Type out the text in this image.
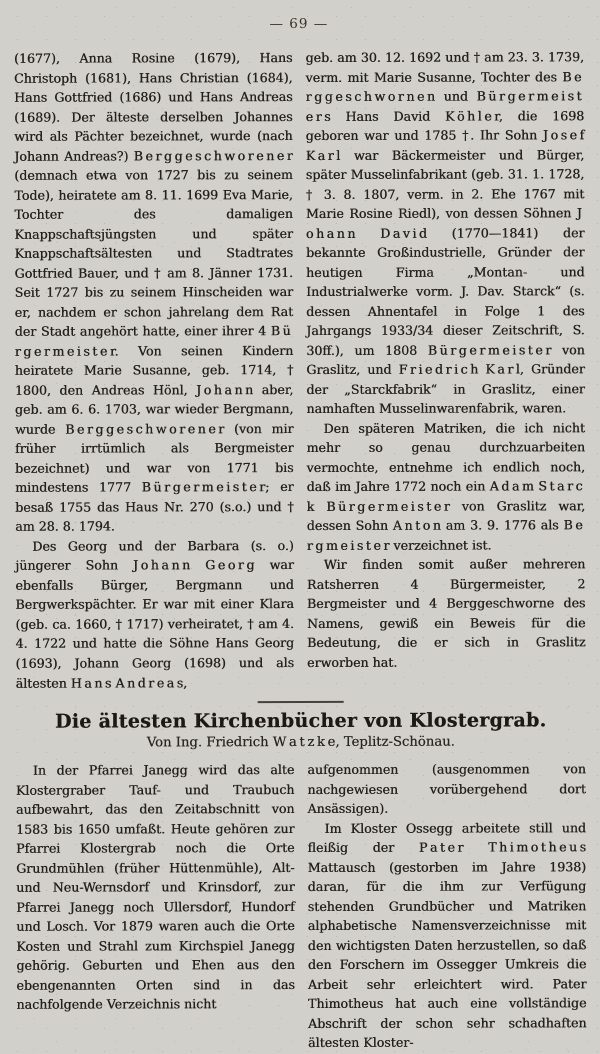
— 69 —

(1677), Anna Rosine (1679), Hans Christoph (1681), Hans Christian (1684), Hans Gottfried (1686) und Hans Andreas (1689). Der älteste derselben Johannes wird als Pächter bezeichnet, wurde (nach Johann Andreas?) B e r g g e s c h w o r e n e r (demnach etwa von 1727 bis zu seinem Tode), heiratete am 8. 11. 1699 Eva Marie, Tochter des damaligen Knappschaftsjüngsten und später Knappschaftsältesten und Stadtrates Gottfried Bauer, und † am 8. Jänner 1731. Seit 1727 bis zu seinem Hinscheiden war er, nachdem er schon jahrelang dem Rat der Stadt angehört hatte, einer ihrer 4 B ü r g e r m e i s t e r. Von seinen Kindern heiratete Marie Susanne, geb. 1714, † 1800, den Andreas Hönl, J o h a n n aber, geb. am 6. 6. 1703, war wieder Bergmann, wurde B e r g g e s c h w o r e n e r (von mir früher irrtümlich als Bergmeister bezeichnet) und war von 1771 bis mindestens 1777 B ü r g e r m e i s t e r; er besaß 1755 das Haus Nr. 270 (s.o.) und † am 28. 8. 1794.

Des Georg und der Barbara (s. o.) jüngerer Sohn J o h a n n G e o r g war ebenfalls Bürger, Bergmann und Bergwerkspächter. Er war mit einer Klara (geb. ca. 1660, † 1717) verheiratet, † am 4. 4. 1722 und hatte die Söhne Hans Georg (1693), Johann Georg (1698) und als ältesten H a n s A n d r e a s,

geb. am 30. 12. 1692 und † am 23. 3. 1739, verm. mit Marie Susanne, Tochter des B e r g g e s c h w o r n e n und B ü r g e r m e i s t e r s Hans David K ö h l e r, die 1698 geboren war und 1785 †. Ihr Sohn J o s e f K a r l war Bäckermeister und Bürger, später Musselinfabrikant (geb. 31. 1. 1728, † 3. 8. 1807, verm. in 2. Ehe 1767 mit Marie Rosine Riedl), von dessen Söhnen J o h a n n D a v i d (1770—1841) der bekannte Großindustrielle, Gründer der heutigen Firma „Montan- und Industrialwerke vorm. J. Dav. Starck“ (s. dessen Ahnentafel in Folge 1 des Jahrgangs 1933/34 dieser Zeitschrift, S. 30ff.), um 1808 B ü r g e r m e i s t e r von Graslitz, und F r i e d r i c h K a r l, Gründer der „Starckfabrik“ in Graslitz, einer namhaften Musselinwarenfabrik, waren.

Den späteren Matriken, die ich nicht mehr so genau durchzuarbeiten vermochte, entnehme ich endlich noch, daß im Jahre 1772 noch ein A d a m S t a r c k B ü r g e r m e i s t e r von Graslitz war, dessen Sohn A n t o n am 3. 9. 1776 als B e r g m e i s t e r verzeichnet ist.

Wir finden somit außer mehreren Ratsherren 4 Bürgermeister, 2 Bergmeister und 4 Berggeschworne des Namens, gewiß ein Beweis für die Bedeutung, die er sich in Graslitz erworben hat.

Die ältesten Kirchenbücher von Klostergrab.
Von Ing. Friedrich W a t z k e, Teplitz-Schönau.

In der Pfarrei Janegg wird das alte Klostergraber Tauf- und Traubuch aufbewahrt, das den Zeitabschnitt von 1583 bis 1650 umfaßt. Heute gehören zur Pfarrei Klostergrab noch die Orte Grundmühlen (früher Hüttenmühle), Alt- und Neu-Wernsdorf und Krinsdorf, zur Pfarrei Janegg noch Ullersdorf, Hundorf und Losch. Vor 1879 waren auch die Orte Kosten und Strahl zum Kirchspiel Janegg gehörig. Geburten und Ehen aus den ebengenannten Orten sind in das nachfolgende Verzeichnis nicht

aufgenommen (ausgenommen von nachgewiesen vorübergehend dort Ansässigen).

Im Kloster Ossegg arbeitete still und fleißig der P a t e r T h i m o t h e u s Mattausch (gestorben im Jahre 1938) daran, für die ihm zur Verfügung stehenden Grundbücher und Matriken alphabetische Namensverzeichnisse mit den wichtigsten Daten herzustellen, so daß den Forschern im Ossegger Umkreis die Arbeit sehr erleichtert wird. Pater Thimotheus hat auch eine vollständige Abschrift der schon sehr schadhaften ältesten Kloster-
